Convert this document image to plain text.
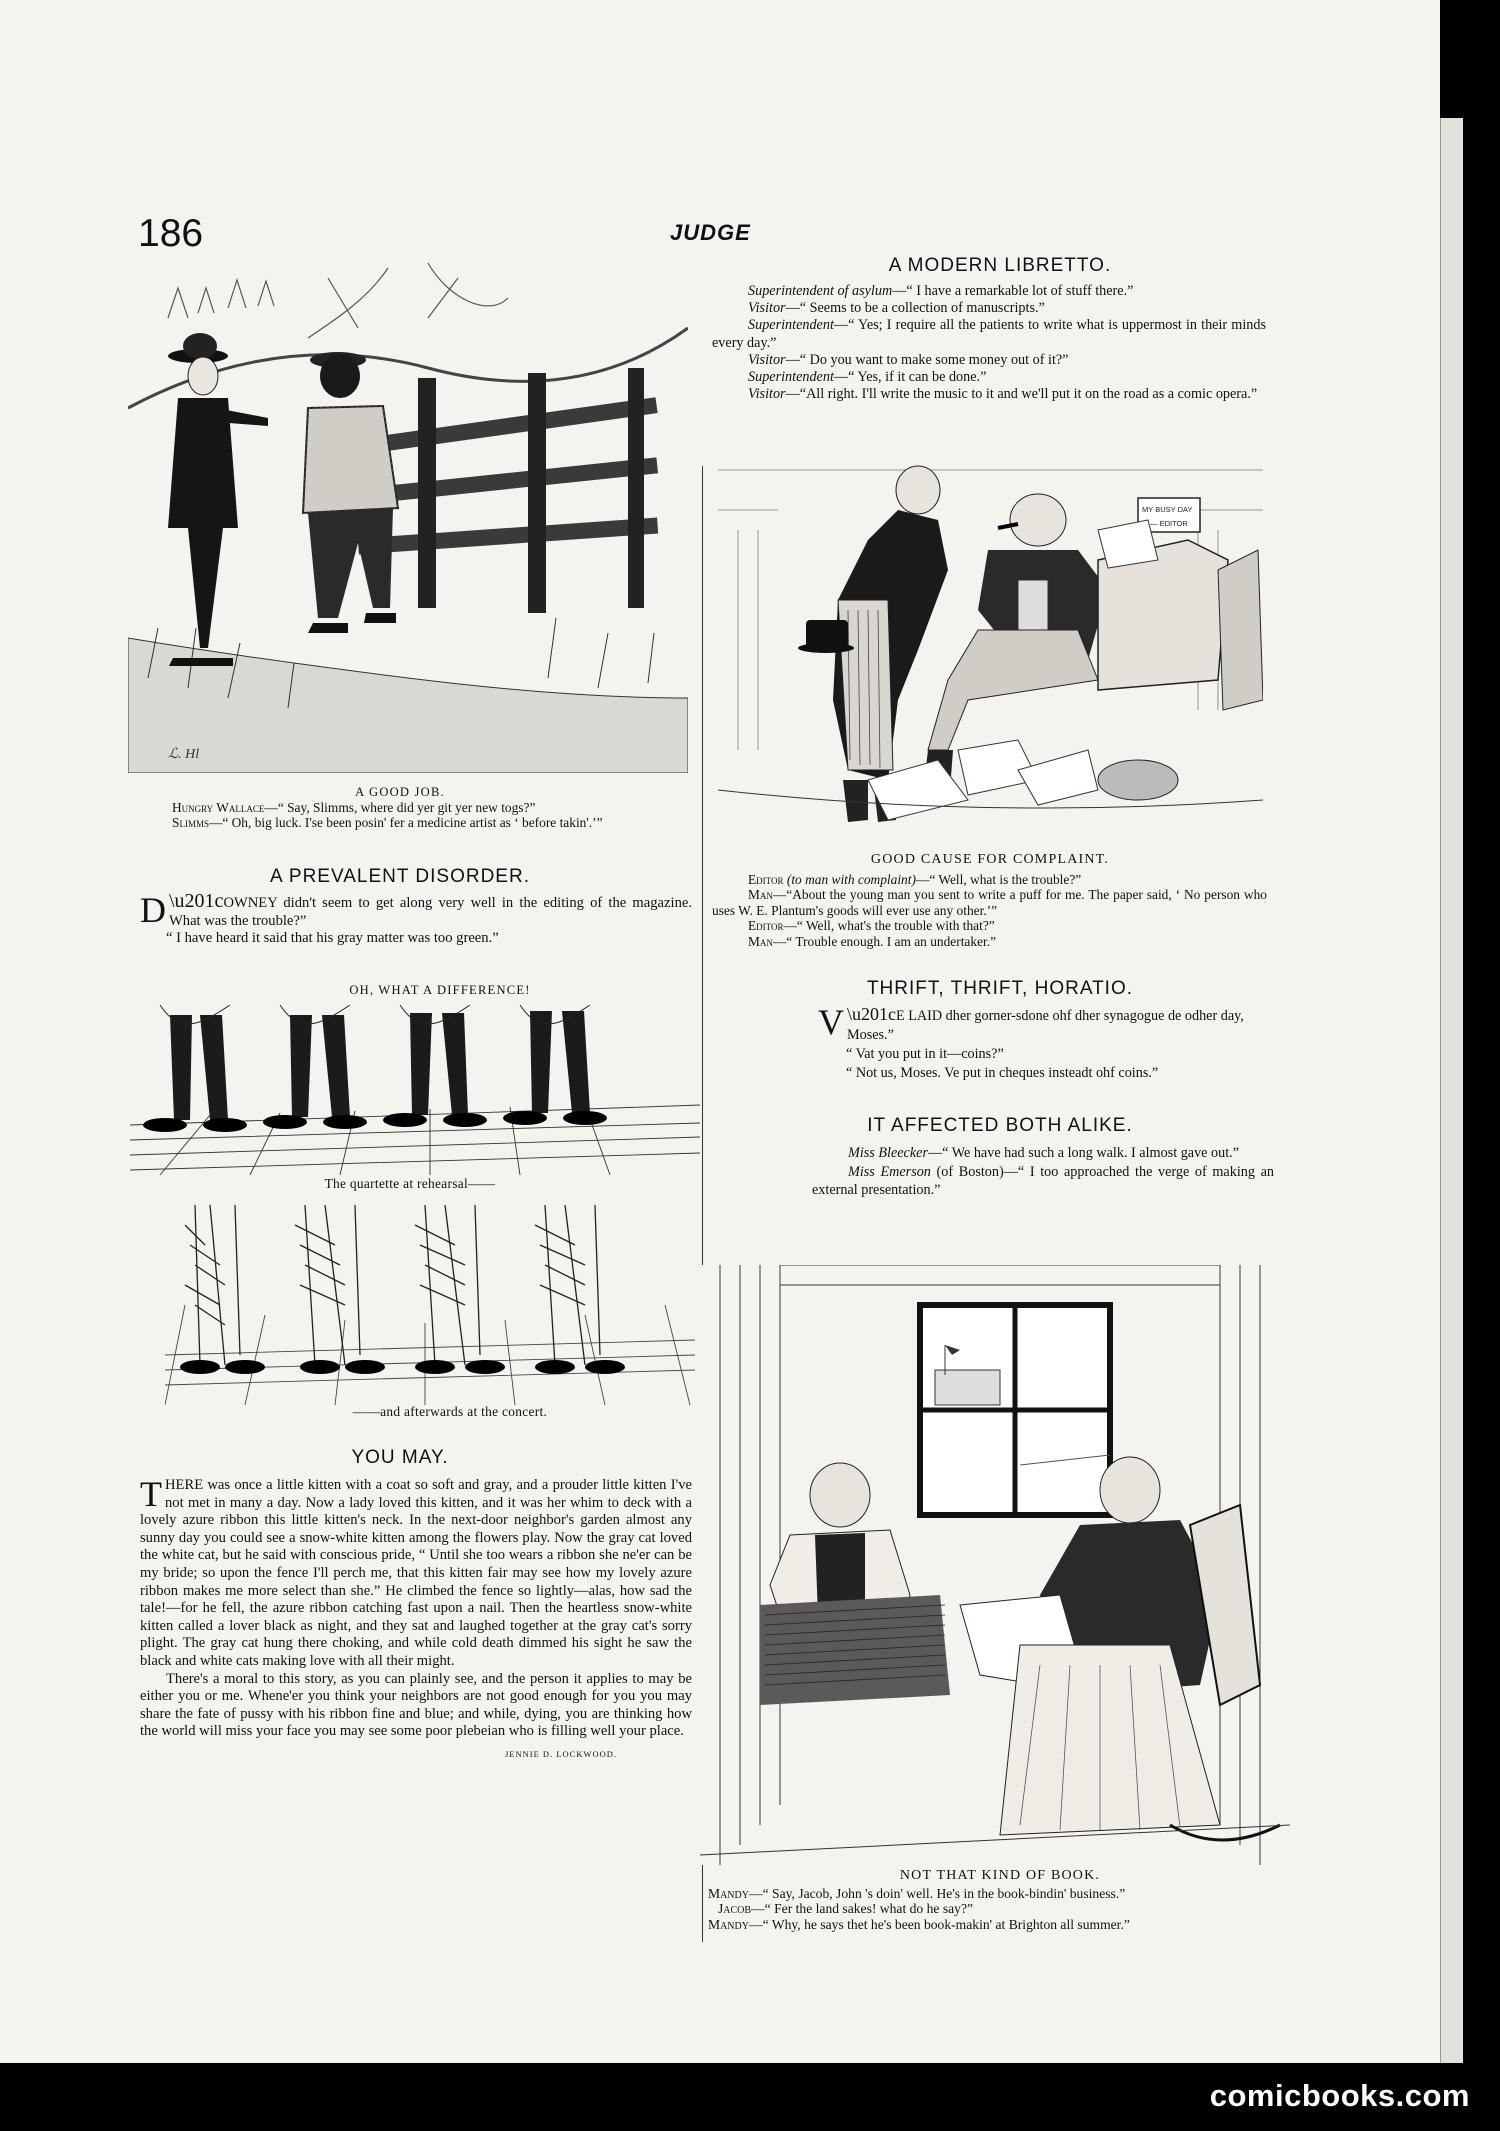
186	JUDGE
ℒ. Hl
A GOOD JOB.

Hungry Wallace—“ Say, Slimms, where did yer git yer new togs?”

Slimms—“ Oh, big luck. I'se been posin' fer a medicine artist as ‘ before takin'.’”

A PREVALENT DISORDER.

\u201c
D	OWNEY didn't seem to get along very well in the editing of the magazine. What was the trouble?”

“ I have heard it said that his gray matter was too green.”

OH, WHAT A DIFFERENCE!
The quartette at rehearsal——
——and afterwards at the concert.
YOU MAY.

THERE was once a little kitten with a coat so soft and gray, and a prouder little kitten I've not met in many a day. Now a lady loved this kitten, and it was her whim to deck with a lovely azure ribbon this little kitten's neck. In the next-door neighbor's garden almost any sunny day you could see a snow-white kitten among the flowers play. Now the gray cat loved the white cat, but he said with conscious pride, “ Until she too wears a ribbon she ne'er can be my bride; so upon the fence I'll perch me, that this kitten fair may see how my lovely azure ribbon makes me more select than she.” He climbed the fence so lightly—alas, how sad the tale!—for he fell, the azure ribbon catching fast upon a nail. Then the heartless snow-white kitten called a lover black as night, and they sat and laughed together at the gray cat's sorry plight. The gray cat hung there choking, and while cold death dimmed his sight he saw the black and white cats making love with all their might.

There's a moral to this story, as you can plainly see, and the person it applies to may be either you or me. Whene'er you think your neighbors are not good enough for you you may share the fate of pussy with his ribbon fine and blue; and while, dying, you are thinking how the world will miss your face you may see some poor plebeian who is filling well your place.

JENNIE D. LOCKWOOD.
A MODERN LIBRETTO.

Superintendent of asylum—“ I have a remarkable lot of stuff there.”

Visitor—“ Seems to be a collection of manuscripts.”

Superintendent—“ Yes; I require all the patients to write what is uppermost in their minds every day.”

Visitor—“ Do you want to make some money out of it?”

Superintendent—“ Yes, if it can be done.”

Visitor—“All right. I'll write the music to it and we'll put it on the road as a comic opera.”

MY BUSY DAY
— EDITOR
GOOD CAUSE FOR COMPLAINT.

Editor (to man with complaint)—“ Well, what is the trouble?”

Man—“About the young man you sent to write a puff for me. The paper said, ‘ No person who uses W. E. Plantum's goods will ever use any other.’”

Editor—“ Well, what's the trouble with that?”

Man—“ Trouble enough. I am an undertaker.”

THRIFT, THRIFT, HORATIO.

\u201c
V	E LAID dher gorner-sdone ohf dher synagogue de odher day, Moses.”

“ Vat you put in it—coins?”

“ Not us, Moses. Ve put in cheques insteadt ohf coins.”

IT AFFECTED BOTH ALIKE.

Miss Bleecker—“ We have had such a long walk. I almost gave out.”

Miss Emerson (of Boston)—“ I too approached the verge of making an external presentation.”

NOT THAT KIND OF BOOK.

Mandy—“ Say, Jacob, John 's doin' well. He's in the book-bindin' business.”

Jacob—“ Fer the land sakes! what do he say?”

Mandy—“ Why, he says thet he's been book-makin' at Brighton all summer.”

comicbooks.com
